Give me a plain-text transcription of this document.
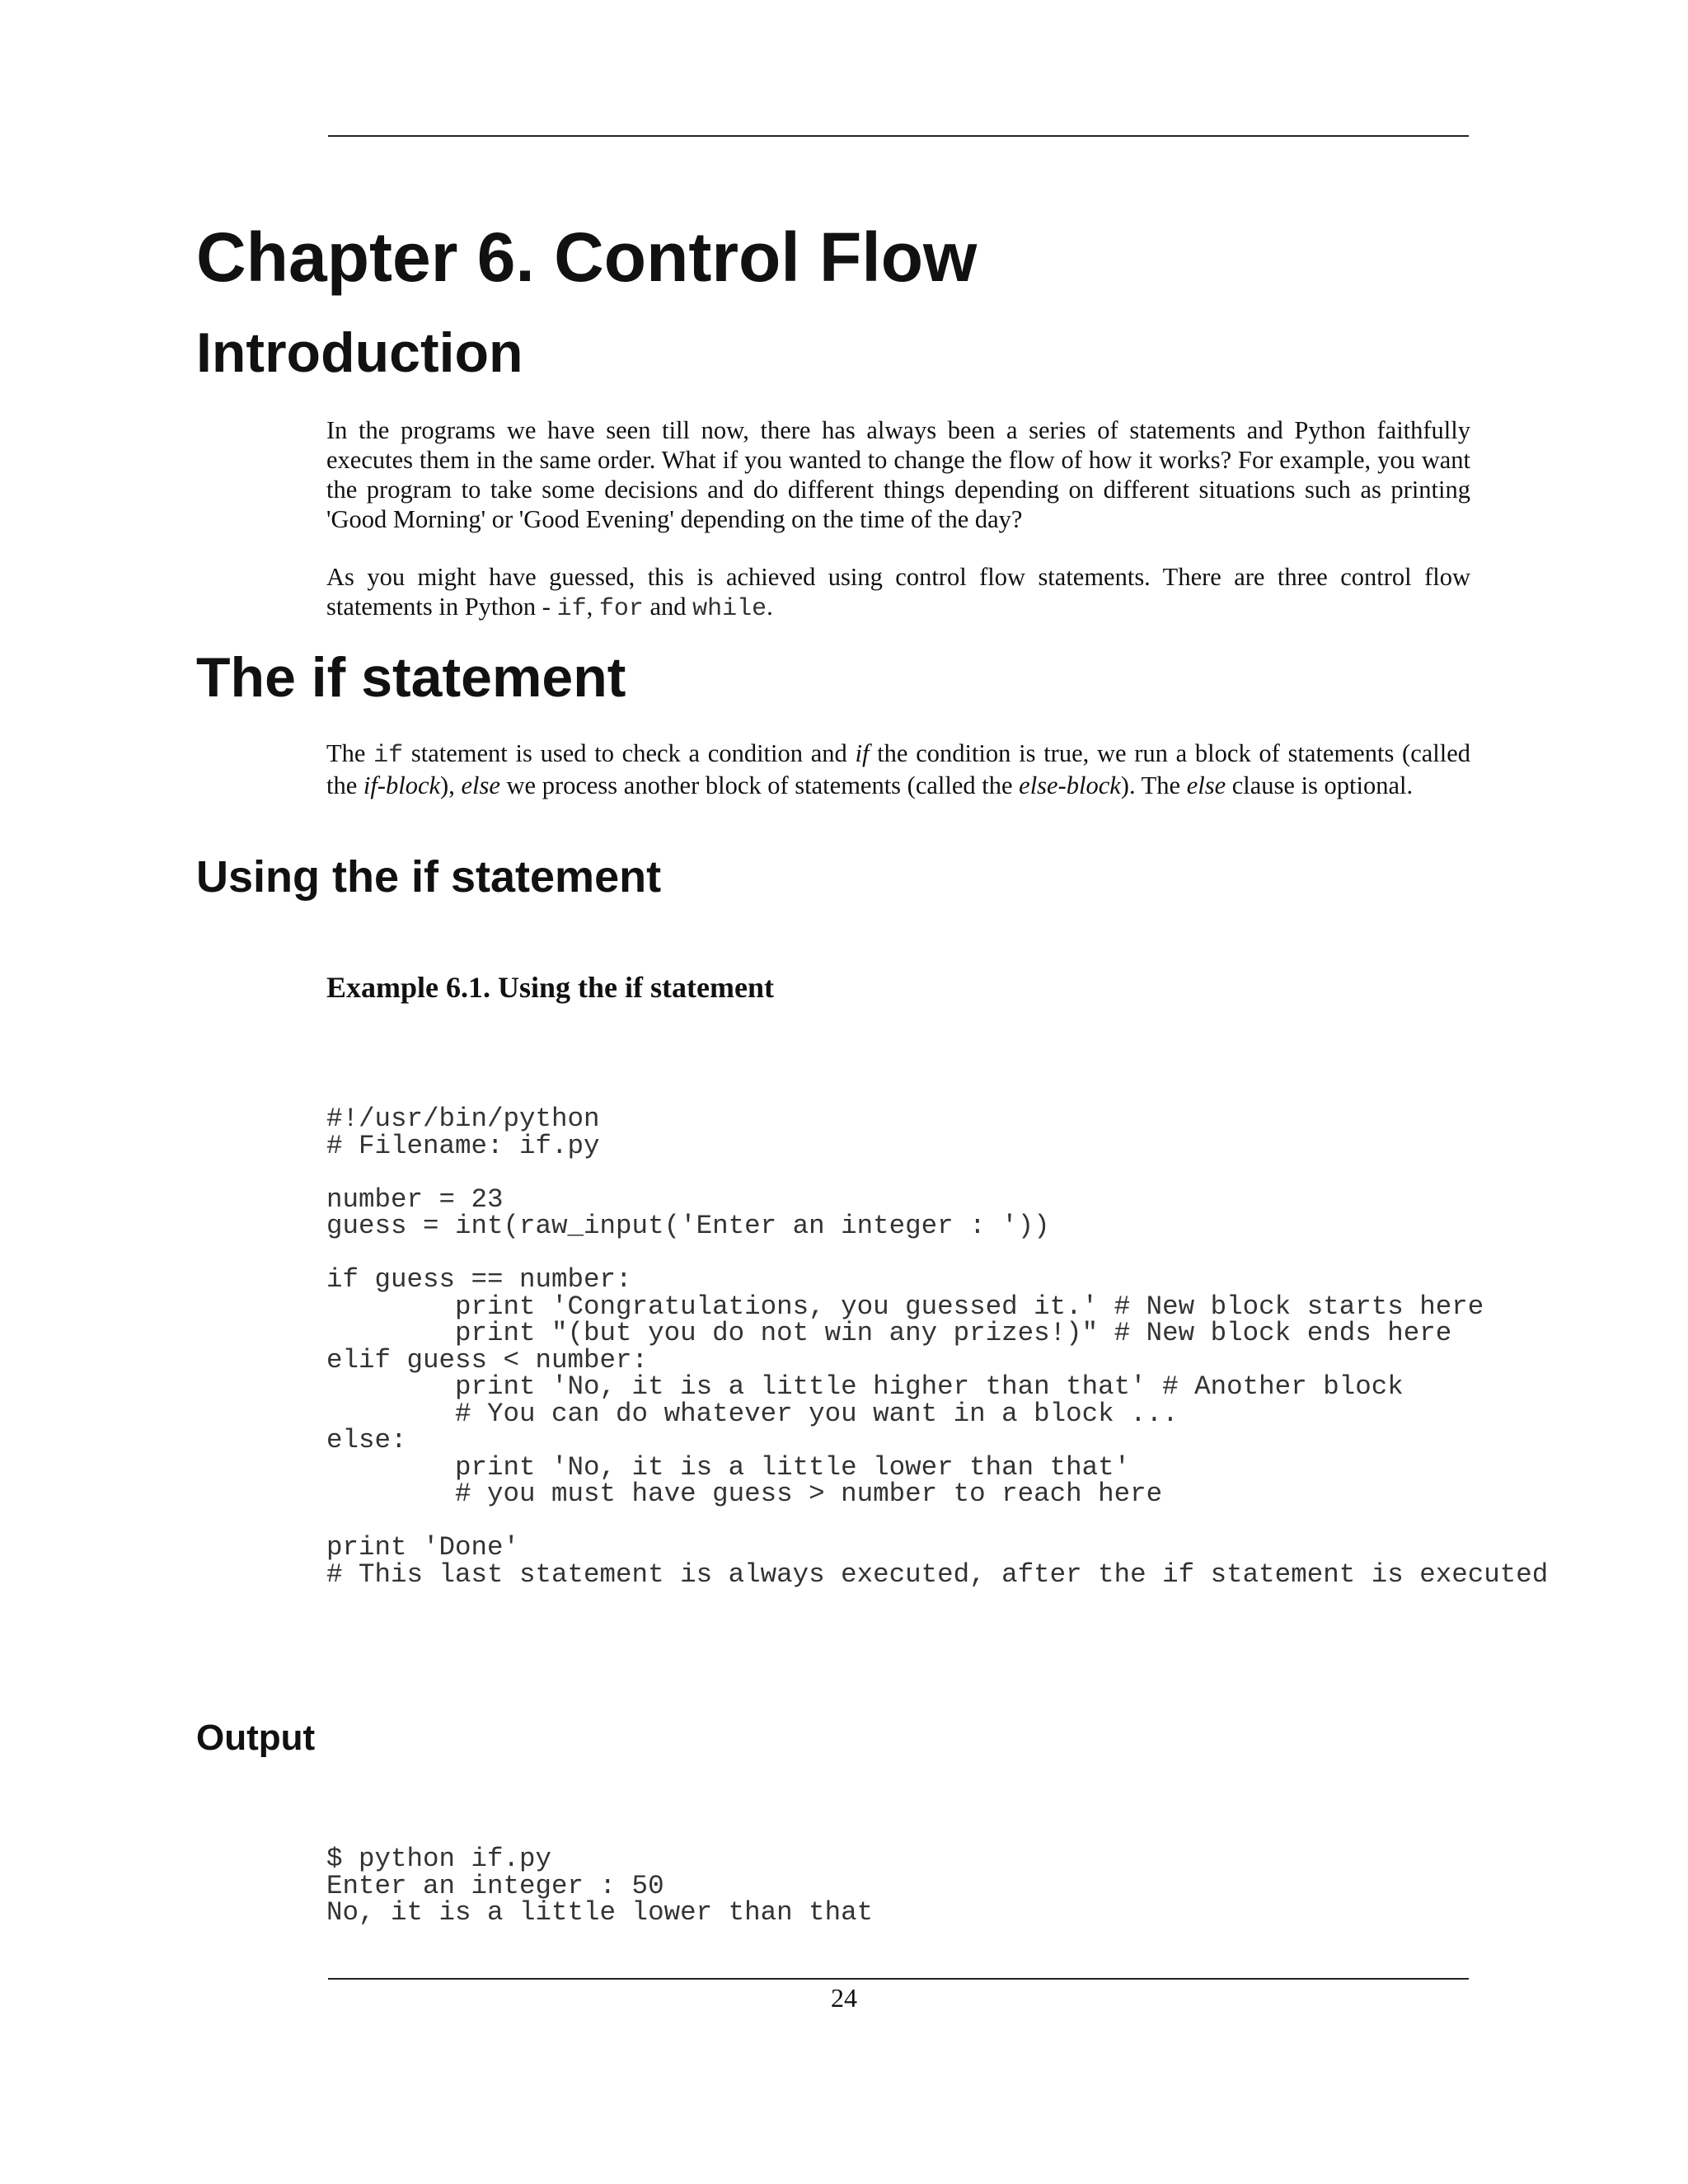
Chapter 6. Control Flow
Introduction

In the programs we have seen till now, there has always been a series of statements and Python faithfully executes them in the same order. What if you wanted to change the flow of how it works? For example, you want the program to take some decisions and do different things depending on different situations such as printing 'Good Morning' or 'Good Evening' depending on the time of the day?

As you might have guessed, this is achieved using control flow statements. There are three control flow statements in Python - if, for and while.

The if statement

The if statement is used to check a condition and if the condition is true, we run a block of statements (called the if-block), else we process another block of statements (called the else-block). The else clause is optional.

Using the if statement
Example 6.1. Using the if statement
#!/usr/bin/python
# Filename: if.py

number = 23
guess = int(raw_input('Enter an integer : '))

if guess == number:
print 'Congratulations, you guessed it.' # New block starts here
print "(but you do not win any prizes!)" # New block ends here
elif guess < number:
print 'No, it is a little higher than that' # Another block
# You can do whatever you want in a block ...
else:
print 'No, it is a little lower than that'
# you must have guess > number to reach here

print 'Done'
# This last statement is always executed, after the if statement is executed
Output
$ python if.py
Enter an integer : 50
No, it is a little lower than that
24
